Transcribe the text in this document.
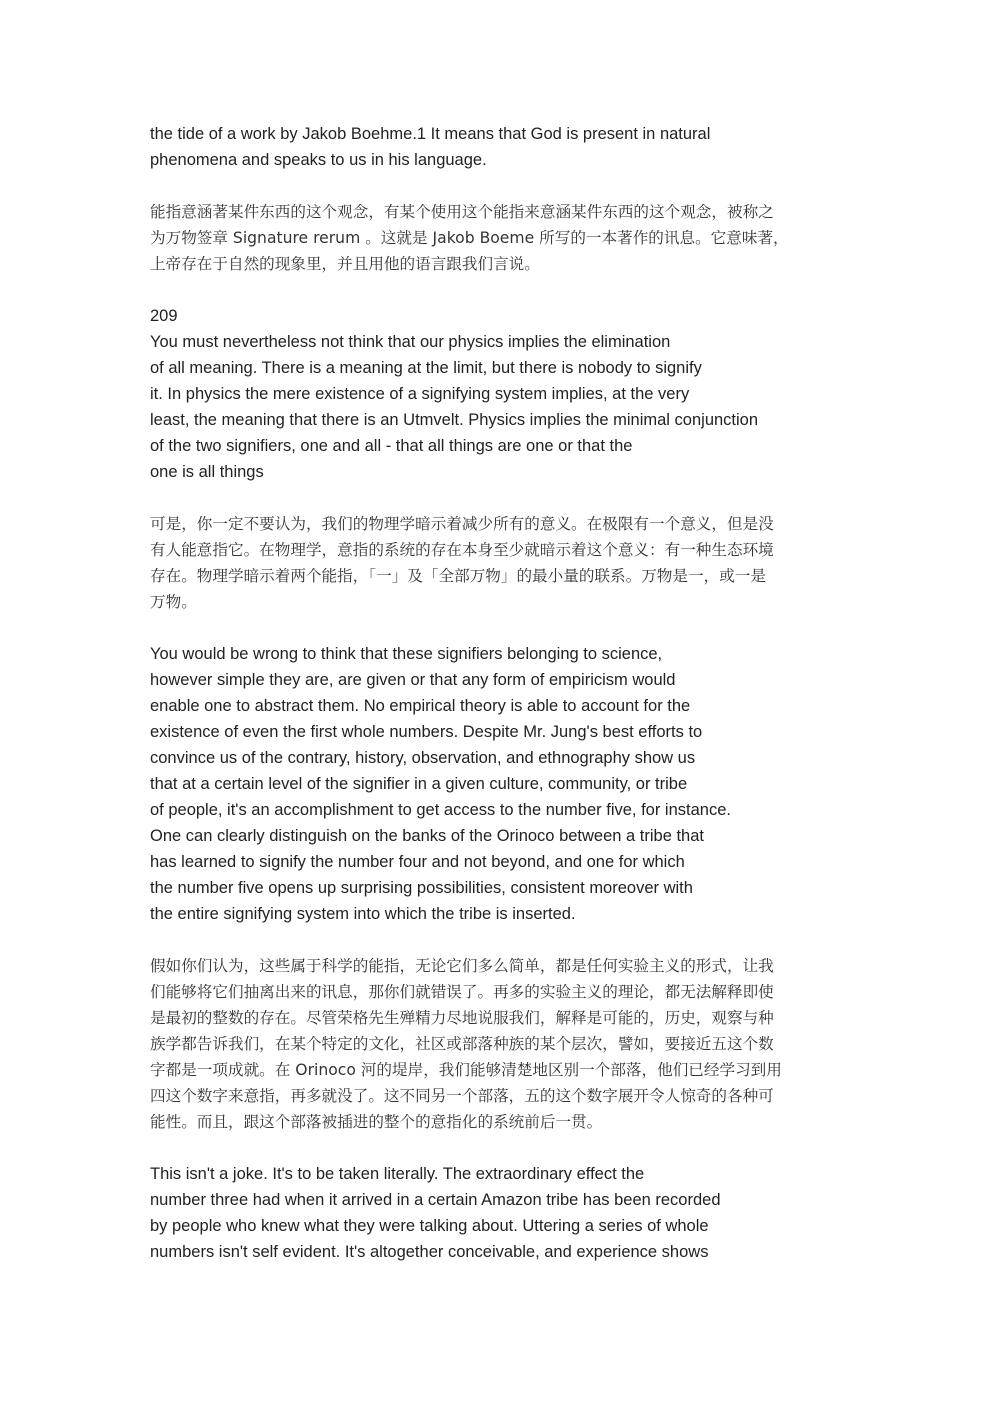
the tide of a work by Jakob Boehme.1 It means that God is present in natural
phenomena and speaks to us in his language.

能指意涵著某件东西的这个观念，有某个使用这个能指来意涵某件东西的这个观念，被称之
为万物签章 Signature rerum 。这就是 Jakob Boeme 所写的一本著作的讯息。它意味著，
上帝存在于自然的现象里，并且用他的语言跟我们言说。

209

You must nevertheless not think that our physics implies the elimination
of all meaning. There is a meaning at the limit, but there is nobody to signify
it. In physics the mere existence of a signifying system implies, at the very
least, the meaning that there is an Utmvelt. Physics implies the minimal conjunction
of the two signifiers, one and all - that all things are one or that the
one is all things

可是，你一定不要认为，我们的物理学暗示着减少所有的意义。在极限有一个意义，但是没
有人能意指它。在物理学，意指的系统的存在本身至少就暗示着这个意义：有一种生态环境
存在。物理学暗示着两个能指，「一」及「全部万物」的最小量的联系。万物是一，或一是
万物。

You would be wrong to think that these signifiers belonging to science,
however simple they are, are given or that any form of empiricism would
enable one to abstract them. No empirical theory is able to account for the
existence of even the first whole numbers. Despite Mr. Jung's best efforts to
convince us of the contrary, history, observation, and ethnography show us
that at a certain level of the signifier in a given culture, community, or tribe
of people, it's an accomplishment to get access to the number five, for instance.
One can clearly distinguish on the banks of the Orinoco between a tribe that
has learned to signify the number four and not beyond, and one for which
the number five opens up surprising possibilities, consistent moreover with
the entire signifying system into which the tribe is inserted.

假如你们认为，这些属于科学的能指，无论它们多么简单，都是任何实验主义的形式，让我
们能够将它们抽离出来的讯息，那你们就错误了。再多的实验主义的理论，都无法解释即使
是最初的整数的存在。尽管荣格先生殚精力尽地说服我们，解释是可能的，历史，观察与种
族学都告诉我们，在某个特定的文化，社区或部落种族的某个层次，譬如，要接近五这个数
字都是一项成就。在 Orinoco 河的堤岸，我们能够清楚地区别一个部落，他们已经学习到用
四这个数字来意指，再多就没了。这不同另一个部落，五的这个数字展开令人惊奇的各种可
能性。而且，跟这个部落被插进的整个的意指化的系统前后一贯。

This isn't a joke. It's to be taken literally. The extraordinary effect the
number three had when it arrived in a certain Amazon tribe has been recorded
by people who knew what they were talking about. Uttering a series of whole
numbers isn't self evident. It's altogether conceivable, and experience shows
